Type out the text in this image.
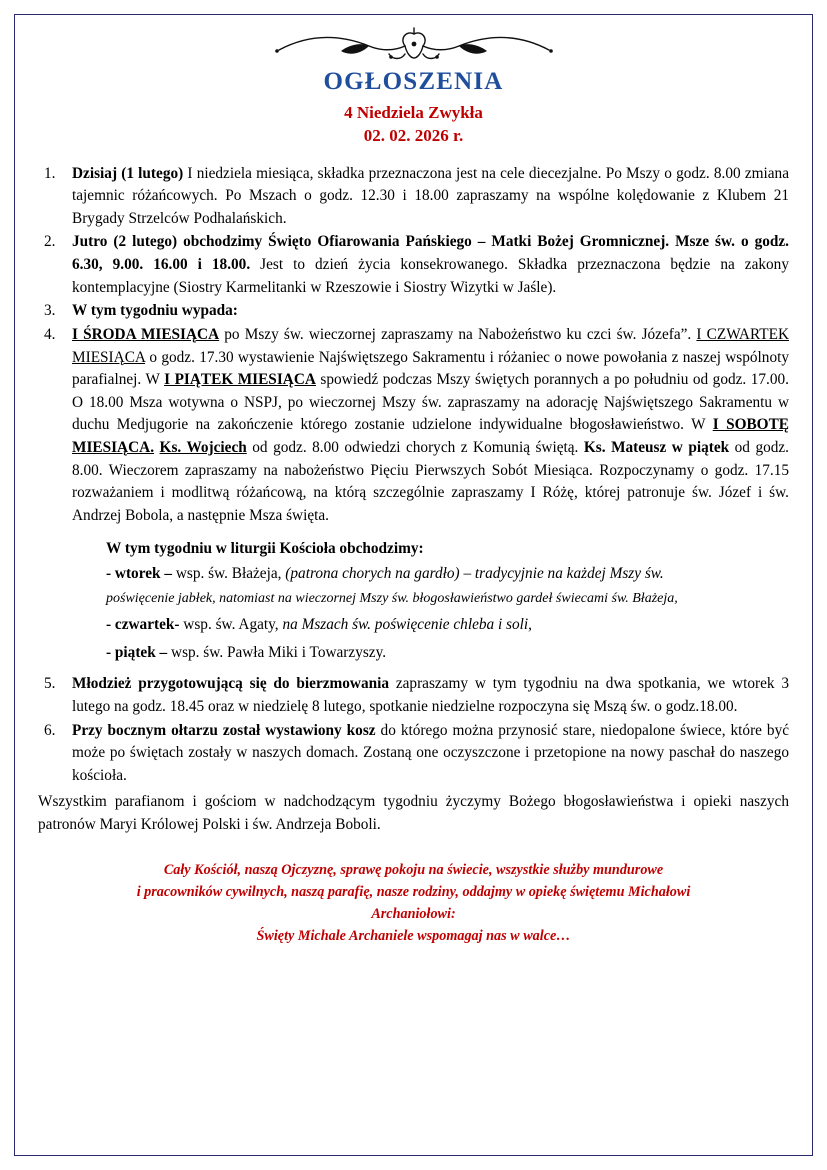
OGŁOSZENIA
4 Niedziela Zwykła
02. 02. 2026 r.
1.	Dzisiaj (1 lutego) I niedziela miesiąca, składka przeznaczona jest na cele diecezjalne. Po Mszy o godz. 8.00 zmiana tajemnic różańcowych. Po Mszach o godz. 12.30 i 18.00 zapraszamy na wspólne kolędowanie z Klubem 21 Brygady Strzelców Podhalańskich.
2.	Jutro (2 lutego) obchodzimy Święto Ofiarowania Pańskiego – Matki Bożej Gromnicznej. Msze św. o godz. 6.30, 9.00. 16.00 i 18.00. Jest to dzień życia konsekrowanego. Składka przeznaczona będzie na zakony kontemplacyjne (Siostry Karmelitanki w Rzeszowie i Siostry Wizytki w Jaśle).
3.	W tym tygodniu wypada:
4.	I ŚRODA MIESIĄCA po Mszy św. wieczornej zapraszamy na Nabożeństwo ku czci św. Józefa”. I CZWARTEK MIESIĄCA o godz. 17.30 wystawienie Najświętszego Sakramentu i różaniec o nowe powołania z naszej wspólnoty parafialnej. W I PIĄTEK MIESIĄCA spowiedź podczas Mszy świętych porannych a po południu od godz. 17.00. O 18.00 Msza wotywna o NSPJ, po wieczornej Mszy św. zapraszamy na adorację Najświętszego Sakramentu w duchu Medjugorie na zakończenie którego zostanie udzielone indywidualne błogosławieństwo. W I SOBOTĘ MIESIĄCA. Ks. Wojciech od godz. 8.00 odwiedzi chorych z Komunią świętą. Ks. Mateusz w piątek od godz. 8.00. Wieczorem zapraszamy na nabożeństwo Pięciu Pierwszych Sobót Miesiąca. Rozpoczynamy o godz. 17.15 rozważaniem i modlitwą różańcową, na którą szczególnie zapraszamy I Różę, której patronuje św. Józef i św. Andrzej Bobola, a następnie Msza święta.
W tym tygodniu w liturgii Kościoła obchodzimy:

- wtorek – wsp. św. Błażeja, (patrona chorych na gardło) – tradycyjnie na każdej Mszy św.

poświęcenie jabłek, natomiast na wieczornej Mszy św. błogosławieństwo gardeł świecami św. Błażeja,

- czwartek- wsp. św. Agaty, na Mszach św. poświęcenie chleba i soli,

- piątek – wsp. św. Pawła Miki i Towarzyszy.

5.	Młodzież przygotowującą się do bierzmowania zapraszamy w tym tygodniu na dwa spotkania, we wtorek 3 lutego na godz. 18.45 oraz w niedzielę 8 lutego, spotkanie niedzielne rozpoczyna się Mszą św. o godz.18.00.
6.	Przy bocznym ołtarzu został wystawiony kosz do którego można przynosić stare, niedopalone świece, które być może po świętach zostały w naszych domach. Zostaną one oczyszczone i przetopione na nowy paschał do naszego kościoła.

Wszystkim parafianom i gościom w nadchodzącym tygodniu życzymy Bożego błogosławieństwa i opieki naszych patronów Maryi Królowej Polski i św. Andrzeja Boboli.

Cały Kościół, naszą Ojczyznę, sprawę pokoju na świecie, wszystkie służby mundurowe

i pracowników cywilnych, naszą parafię, nasze rodziny, oddajmy w opiekę świętemu Michałowi

Archaniołowi:

Święty Michale Archaniele wspomagaj nas w walce…
